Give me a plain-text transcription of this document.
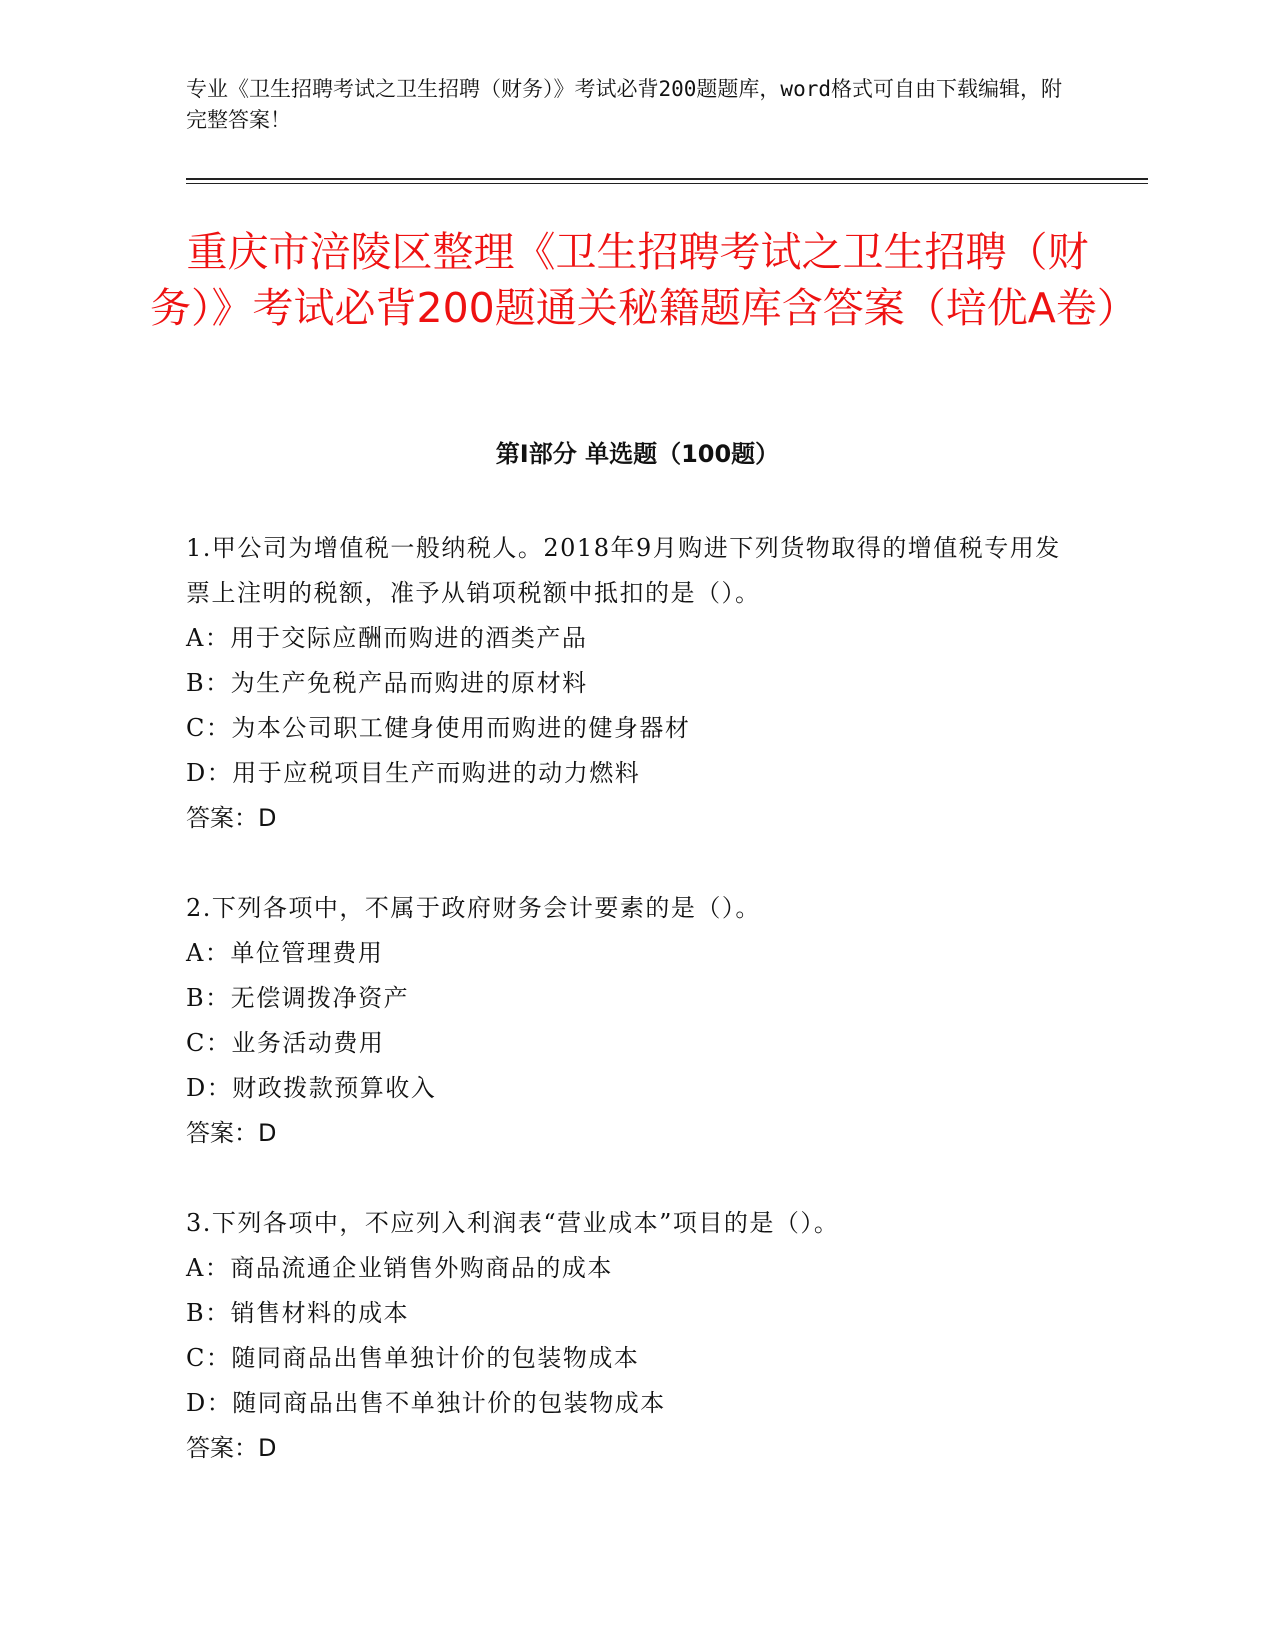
专业《卫生招聘考试之卫生招聘（财务）》考试必背200题题库，word格式可自由下载编辑，附完整答案！
重庆市涪陵区整理《卫生招聘考试之卫生招聘（财务）》考试必背200题通关秘籍题库含答案（培优A卷）
第I部分 单选题（100题）
1.甲公司为增值税一般纳税人。2018年9月购进下列货物取得的增值税专用发票上注明的税额，准予从销项税额中抵扣的是（）。
A：用于交际应酬而购进的酒类产品
B：为生产免税产品而购进的原材料
C：为本公司职工健身使用而购进的健身器材
D：用于应税项目生产而购进的动力燃料
答案：D
2.下列各项中，不属于政府财务会计要素的是（）。
A：单位管理费用
B：无偿调拨净资产
C：业务活动费用
D：财政拨款预算收入
答案：D
3.下列各项中，不应列入利润表“营业成本”项目的是（）。
A：商品流通企业销售外购商品的成本
B：销售材料的成本
C：随同商品出售单独计价的包装物成本
D：随同商品出售不单独计价的包装物成本
答案：D
